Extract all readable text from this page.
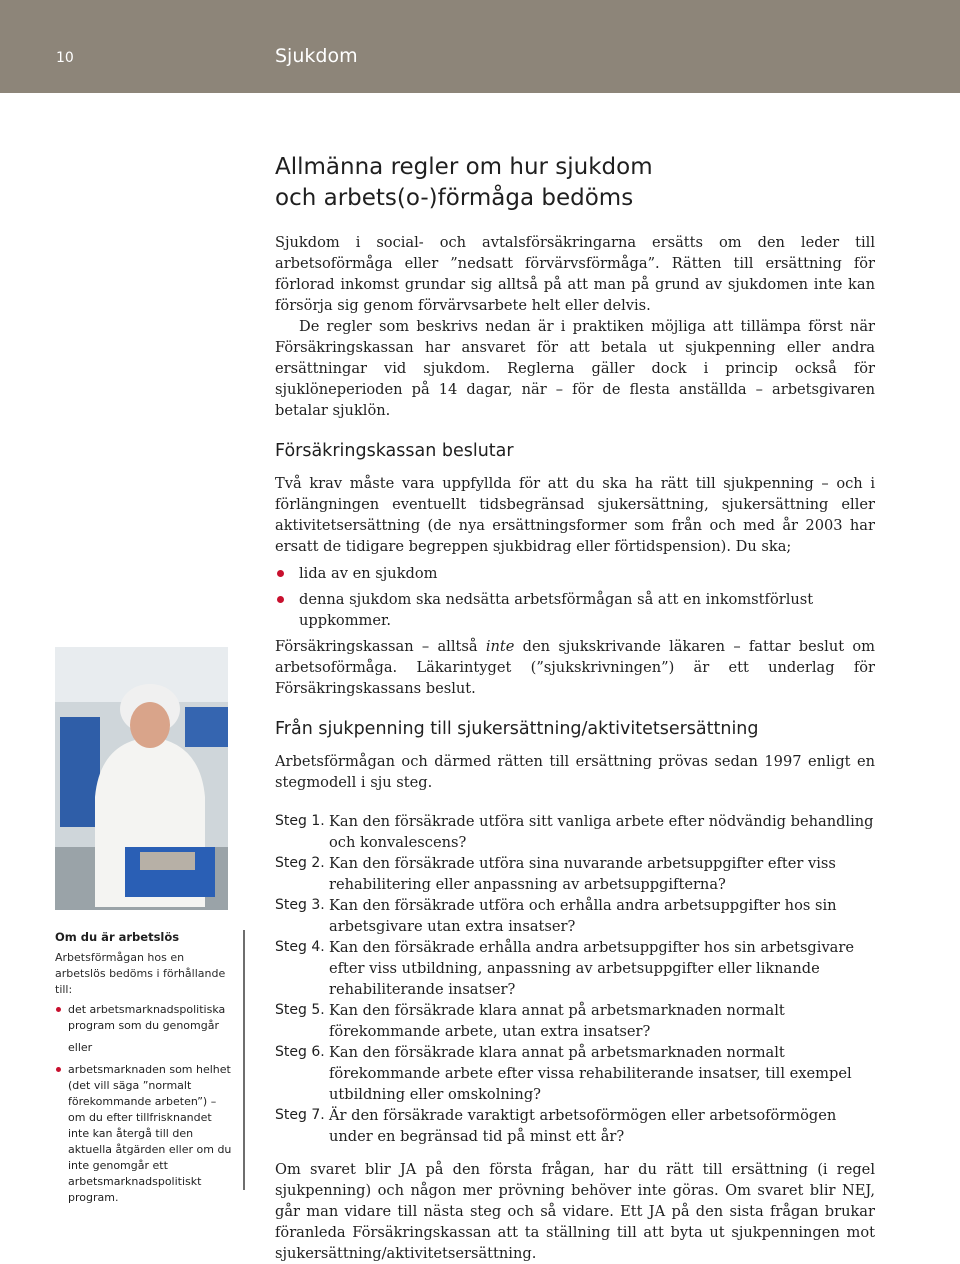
10	Sjukdom
Allmänna regler om hur sjukdom
och arbets(o-)förmåga bedöms

Sjukdom i social- och avtalsförsäkringarna ersätts om den leder till arbetsoförmåga eller ”nedsatt förvärvsförmåga”. Rätten till ersättning för förlorad inkomst grundar sig alltså på att man på grund av sjukdomen inte kan försörja sig genom förvärvsarbete helt eller delvis.

De regler som beskrivs nedan är i praktiken möjliga att tillämpa först när Försäkringskassan har ansvaret för att betala ut sjukpenning eller andra ersättningar vid sjukdom. Reglerna gäller dock i princip också för sjuklöneperioden på 14 dagar, när – för de flesta anställda – arbetsgivaren betalar sjuklön.

Försäkringskassan beslutar

Två krav måste vara uppfyllda för att du ska ha rätt till sjukpenning – och i förlängningen eventuellt tidsbegränsad sjukersättning, sjukersättning eller aktivitetsersättning (de nya ersättningsformer som från och med år 2003 har ersatt de tidigare begreppen sjukbidrag eller förtidspension). Du ska;

lida av en sjukdom
denna sjukdom ska nedsätta arbetsförmågan så att en inkomstförlust uppkommer.

Försäkringskassan – alltså inte den sjukskrivande läkaren – fattar beslut om arbetsoförmåga. Läkarintyget (”sjukskrivningen”) är ett underlag för Försäkringskassans beslut.

Från sjukpenning till sjukersättning/aktivitetsersättning

Arbetsförmågan och därmed rätten till ersättning prövas sedan 1997 enligt en stegmodell i sju steg.

Steg 1. Kan den försäkrade utföra sitt vanliga arbete efter nödvändig behandling och konvalescens?
Steg 2. Kan den försäkrade utföra sina nuvarande arbetsuppgifter efter viss rehabilitering eller anpassning av arbetsuppgifterna?
Steg 3. Kan den försäkrade utföra och erhålla andra arbetsuppgifter hos sin arbetsgivare utan extra insatser?
Steg 4. Kan den försäkrade erhålla andra arbetsuppgifter hos sin arbetsgivare efter viss utbildning, anpassning av arbetsuppgifter eller liknande rehabiliterande insatser?
Steg 5. Kan den försäkrade klara annat på arbetsmarknaden normalt förekommande arbete, utan extra insatser?
Steg 6. Kan den försäkrade klara annat på arbetsmarknaden normalt förekommande arbete efter vissa rehabiliterande insatser, till exempel utbildning eller omskolning?
Steg 7. Är den försäkrade varaktigt arbetsoförmögen eller arbetsoförmögen under en begränsad tid på minst ett år?

Om svaret blir JA på den första frågan, har du rätt till ersättning (i regel sjukpenning) och någon mer prövning behöver inte göras. Om svaret blir NEJ, går man vidare till nästa steg och så vidare. Ett JA på den sista frågan brukar föranleda Försäkringskassan att ta ställning till att byta ut sjukpenningen mot sjukersättning/aktivitetsersättning.

Om du är arbetslös
Arbetsförmågan hos en arbetslös bedöms i förhållande till:
det arbetsmarknadspolitiska program som du genomgår
eller
arbetsmarknaden som helhet (det vill säga ”normalt förekommande arbeten”) – om du efter tillfrisknandet inte kan återgå till den aktuella åtgärden eller om du inte genomgår ett arbetsmarknadspolitiskt program.
